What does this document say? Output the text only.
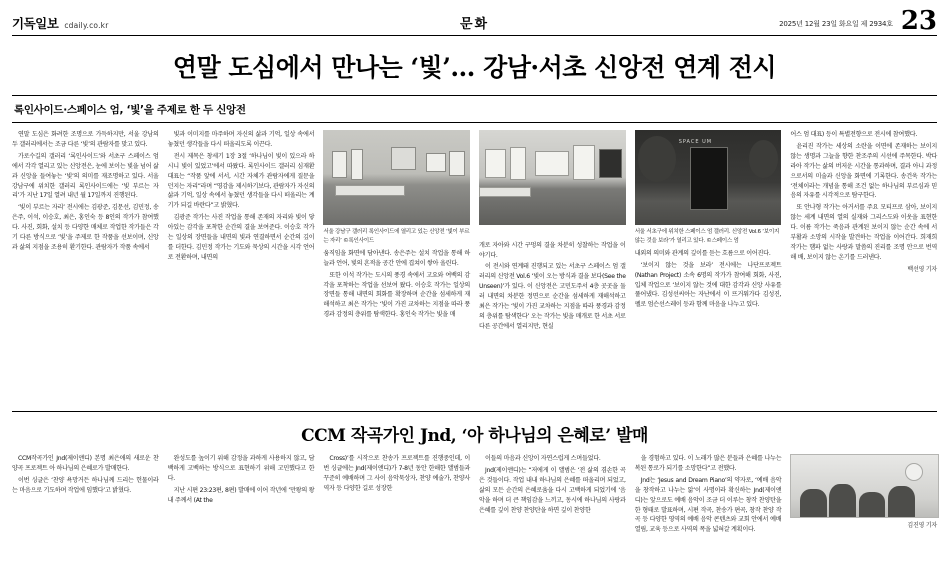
기독일보 cdaily.co.kr	문화	2025년 12월 23일 화요일 제 2934호 23
연말 도심에서 만나는 ‘빛’… 강남·서초 신앙전 연계 전시
록인사이드·스페이스 엄, ‘빛’을 주제로 한 두 신앙전

연말 도심은 화려한 조명으로 가득하지만, 서울 강남의 두 갤러리에서는 조금 다른 ‘빛’의 관람자를 맞고 있다.

가로수길의 갤러리 ‘록인사이드’와 서초구 스페이스 엄에서 각각 열리고 있는 신앙전은, 눈에 보이는 빛을 넘어 삶과 신앙을 들여놓는 ‘빛’의 의미를 재조명하고 있다. 서울 강남구에 위치한 갤러리 록인사이드에는 ‘빛 부르는 자리’가 지난 17일 열려 내년 월 17일까지 진행된다.

‘빛이 부르는 자리’ 전시에는 김광준, 김문선, 김민정, 송은주, 이석, 이승호, 최은, 홍인숙 등 8인의 작가가 참여했다. 사진, 회화, 설치 등 다양한 매체로 작업한 작가들은 각기 다른 방식으로 ‘빛’을 주제로 한 작품을 선보이며, 신앙과 삶의 지점을 조용히 환기한다. 관람자가 작품 속에서

빛과 이미지를 마주하며 자신의 삶과 기억, 일상 속에서 놓쳤던 생각들을 다시 떠올리도록 이끈다.

전시 제목은 창세기 1장 3절 ‘하나님이 빛이 있으라 하시니 빛이 있었고’에서 따왔다. 록인사이드 갤러리 심재환 대표는 “작품 앞에 서서, 시간 자체가 관람자에게 질문을 던지는 자리”라며 “영감을 제시하기보다, 관람자가 자신의 삶과 기억, 일상 속에서 놓쳤던 생각들을 다시 떠올리는 계기가 되길 바란다”고 밝혔다.

김광준 작가는 사진 작업을 통해 존재의 자리와 빛이 닿아있는 감각을 포착한 순간의 결을 보여준다. 이승호 작가는 일상의 장면들을 내면의 빛과 연결하면서 순간의 깊이를 더한다. 김민정 작가는 기도와 묵상의 시간을 시각 언어로 전환하며, 내면의

서울 강남구 갤러리 록인사이드에 열리고 있는 신앙전 ‘빛이 부르는 자리’ ©록인사이드

움직임을 화면에 담아낸다. 송은주는 설치 작업을 통해 하늘과 언어, 빛의 흔적을 공간 안에 겹쳐이 쌓아 올린다.

또한 이석 작가는 도시의 풍경 속에서 고요와 여백의 감각을 포착하는 작업을 선보여 왔다. 이승호 작가는 일상의 장면들 통해 내면의 회화를 확장하며 순간을 섬세하게 재해석하고 최은 작가는 ‘빛이 가진 교차하는 지점을 따라 풍경과 감정의 층위를 탐색한다. 홍인숙 작가는 빛을 매

개로 자아와 시간 구멍의 결을 차분히 성찰하는 작업을 이야기다.

이 전시와 연계돼 진행되고 있는 서초구 스페이스 엄 갤러리의 신앙전 Vol.6 ‘빛이 오는 방식과 결을 보다(See the Unseen)’가 있다. 이 신앙전은 고민도주서 4층 곳곳을 둘러 내면의 차분한 정면으로 순간을 섬세하게 재해석하고 최은 작가는 ‘빛이 가진 교차하는 지점을 따라 풍경과 감정의 층위를 탐색한다’ 오는 작가는 빛을 매개로 한 서초 서로 다른 공간에서 열리지만, 현실

SPACE UM
서울 서초구에 위치한 스페이스 엄 갤러리. 신앙전 Vol.6 ‘보이지 않는 것을 보라’가 열리고 있다. ©스페이스 엄

내외의 의미와 관계의 깊이를 듣는 흐름으로 이어진다.

‘보이지 않는 것을 보라’ 전시에는 나단프로젝트(Nathan Project) 소속 6명의 작가가 참여해 회화, 사진, 입체 작업으로 ‘보이지 않는 것에 대한 감각과 신앙 사유를 풀어냈다. 김성선씨아는 자난에서 이 뜨거워가다 김성진, 펠로 엄슨선스레이 등과 함께 마음을 나누고 있다.

어스 엄 대표) 등이 특별전향으로 전시에 참여했다.

윤리진 작가는 세상의 소란을 이면에 존재하는 보이지 않는 생명과 그늘을 향한 찬조주의 시선에 주목한다. 박다라아 작가는 삶의 버저운 시간을 통과하며, 결과 아니 과정으로서의 미술과 신앙을 화면에 기록한다. 송건욱 작가는 ‘전체이라는 개념을 통해 조건 없는 하나님의 부르심과 믿음의 자유를 시각적으로 탐구한다.

또 안나형 작가는 아거서를 주요 모티프로 삼아, 보이지 않는 세계 내면의 열의 실재와 그리스도와 이웃을 표현한다. 이름 작가는 죽음과 관계된 보이지 않는 순간 속에 서 부활과 소망의 시작을 발견하는 작업을 이어간다. 희재희 작가는 햄파 없는 사랑과 말씀의 진리를 조명 안으로 번역해 배, 보이지 않는 온기를 드러낸다.

백선영 기자
CCM 작곡가인 Jnd, ‘아 하나님의 은혜로’ 발매

CCM작곡가인 Jnd(제이앤디) 본명 최은애의 새로운 찬양곡 프로젝트 아 하나님의 은혜로가 발매한다.

이번 싱글은 ‘찬양 욕망거든 하나님께 드리는 헌물이라는 마음으로 기도하며 작업에 임했다’고 밝혔다.

완성도를 높이기 위해 감정을 과하게 사용하지 않고, 담백하게 고백하는 방식으로 표현하기 위해 고민했다고 한다.

지난 시편 23:23편, 8편) 발매에 이어 작년에 ‘만왕의 왕 내 주께서 (At the

Cross)’를 시작으로 찬송가 프로젝트를 진행중인데, 이번 싱글에는 Jnd(제이앤디)가 7-8년 동안 한해한 앨범들과 꾸준히 예배하며 그 사이 음악묵상자, 찬양 예술가, 찬양사역자 등 다양한 길로 성장한

이들의 마음과 신앙이 자연스럽게 스며들었다.

Jnd(제이앤디)는 “저에게 이 앨범은 ‘전 삶의 겸손한 곡은 것들이다. 작업 내내 하나님의 은혜를 떠올리며 되었고, 삶의 모든 순간의 은혜로움을 다시 고백하게 되었기에 ‘음악을 하며 더 큰 책임감을 느끼고, 동시에 하나님의 사랑과 은혜를 깊이 찬양 찬양탄을 하면 깊이 찬양한

을 경험하고 있다. 이 노래가 많은 분들과 은혜를 나누는 복된 통로가 되기를 소망한다”고 전했다.

Jnd는 ‘Jesus and Dream Piano’의 약자로, ‘예배 음악을 창작하고 나누는 앎’이 사명이라 확신하는 Jnd(제이앤디)는 앞으로도 예배 음악이 조금 더 이루는 창작 찬양탄을 한 형태로 발표하며, 시편 작곡, 찬송가 편곡, 창작 찬양 작곡 등 다양한 영역의 예배 음악 콘텐츠와 교회 안에서 예배 열림, 교육 등으로 사역의 폭을 넓혀갈 계획이다.

김진영 기자
